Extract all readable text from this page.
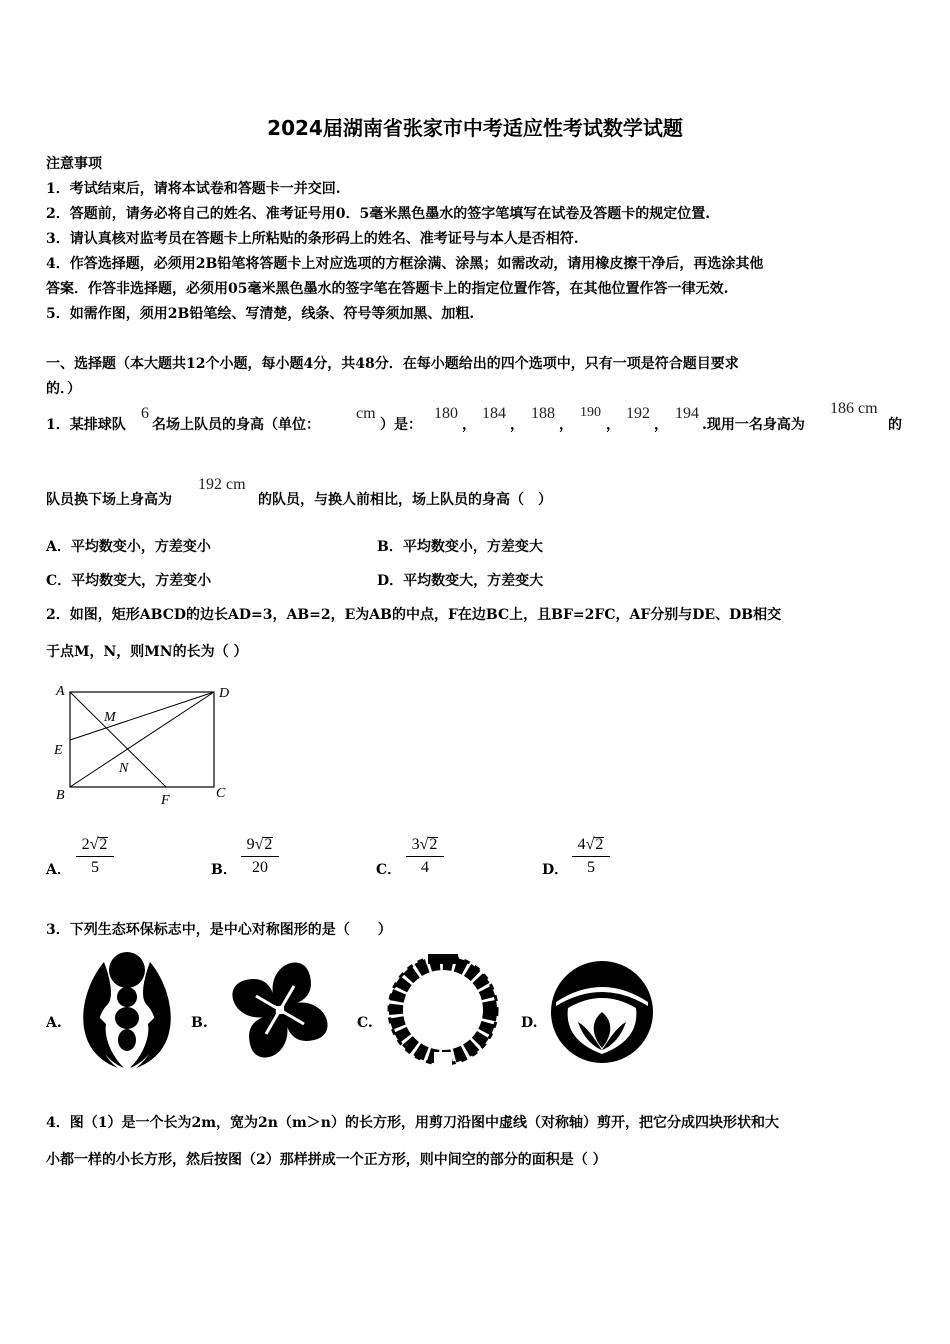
2024届湖南省张家市中考适应性考试数学试题
注意事项
1．考试结束后，请将本试卷和答题卡一并交回.
2．答题前，请务必将自己的姓名、准考证号用0．5毫米黑色墨水的签字笔填写在试卷及答题卡的规定位置.
3．请认真核对监考员在答题卡上所粘贴的条形码上的姓名、准考证号与本人是否相符.
4．作答选择题，必须用2B铅笔将答题卡上对应选项的方框涂满、涂黑；如需改动，请用橡皮擦干净后，再选涂其他
答案．作答非选择题，必须用05毫米黑色墨水的签字笔在答题卡上的指定位置作答，在其他位置作答一律无效.
5．如需作图，须用2B铅笔绘、写清楚，线条、符号等须加黑、加粗.
一、选择题（本大题共12个小题，每小题4分，共48分．在每小题给出的四个选项中，只有一项是符合题目要求
的．）
1．某排球队
6
名场上队员的身高（单位：
cm
）是：
180
，
184
，
188
，
190
，
192
，
194
.现用一名身高为
186 cm
的
队员换下场上身高为
192 cm
的队员，与换人前相比，场上队员的身高（　）
A．平均数变小，方差变小	B．平均数变小，方差变大
C．平均数变大，方差变小	D．平均数变大，方差变大
2．如图，矩形ABCD的边长AD=3，AB=2，E为AB的中点，F在边BC上，且BF=2FC，AF分别与DE、DB相交
于点M，N，则MN的长为（ ）
A	D
M
E
N
B	F	C
A．
2√2
5	B．
9√2
20	C．
3√2
4	D．
4√2
5
3．下列生态环保标志中，是中心对称图形的是（　　）
A.	B.	C.	D.
4．图（1）是一个长为2m，宽为2n（m＞n）的长方形，用剪刀沿图中虚线（对称轴）剪开，把它分成四块形状和大
小都一样的小长方形，然后按图（2）那样拼成一个正方形，则中间空的部分的面积是（ ）
